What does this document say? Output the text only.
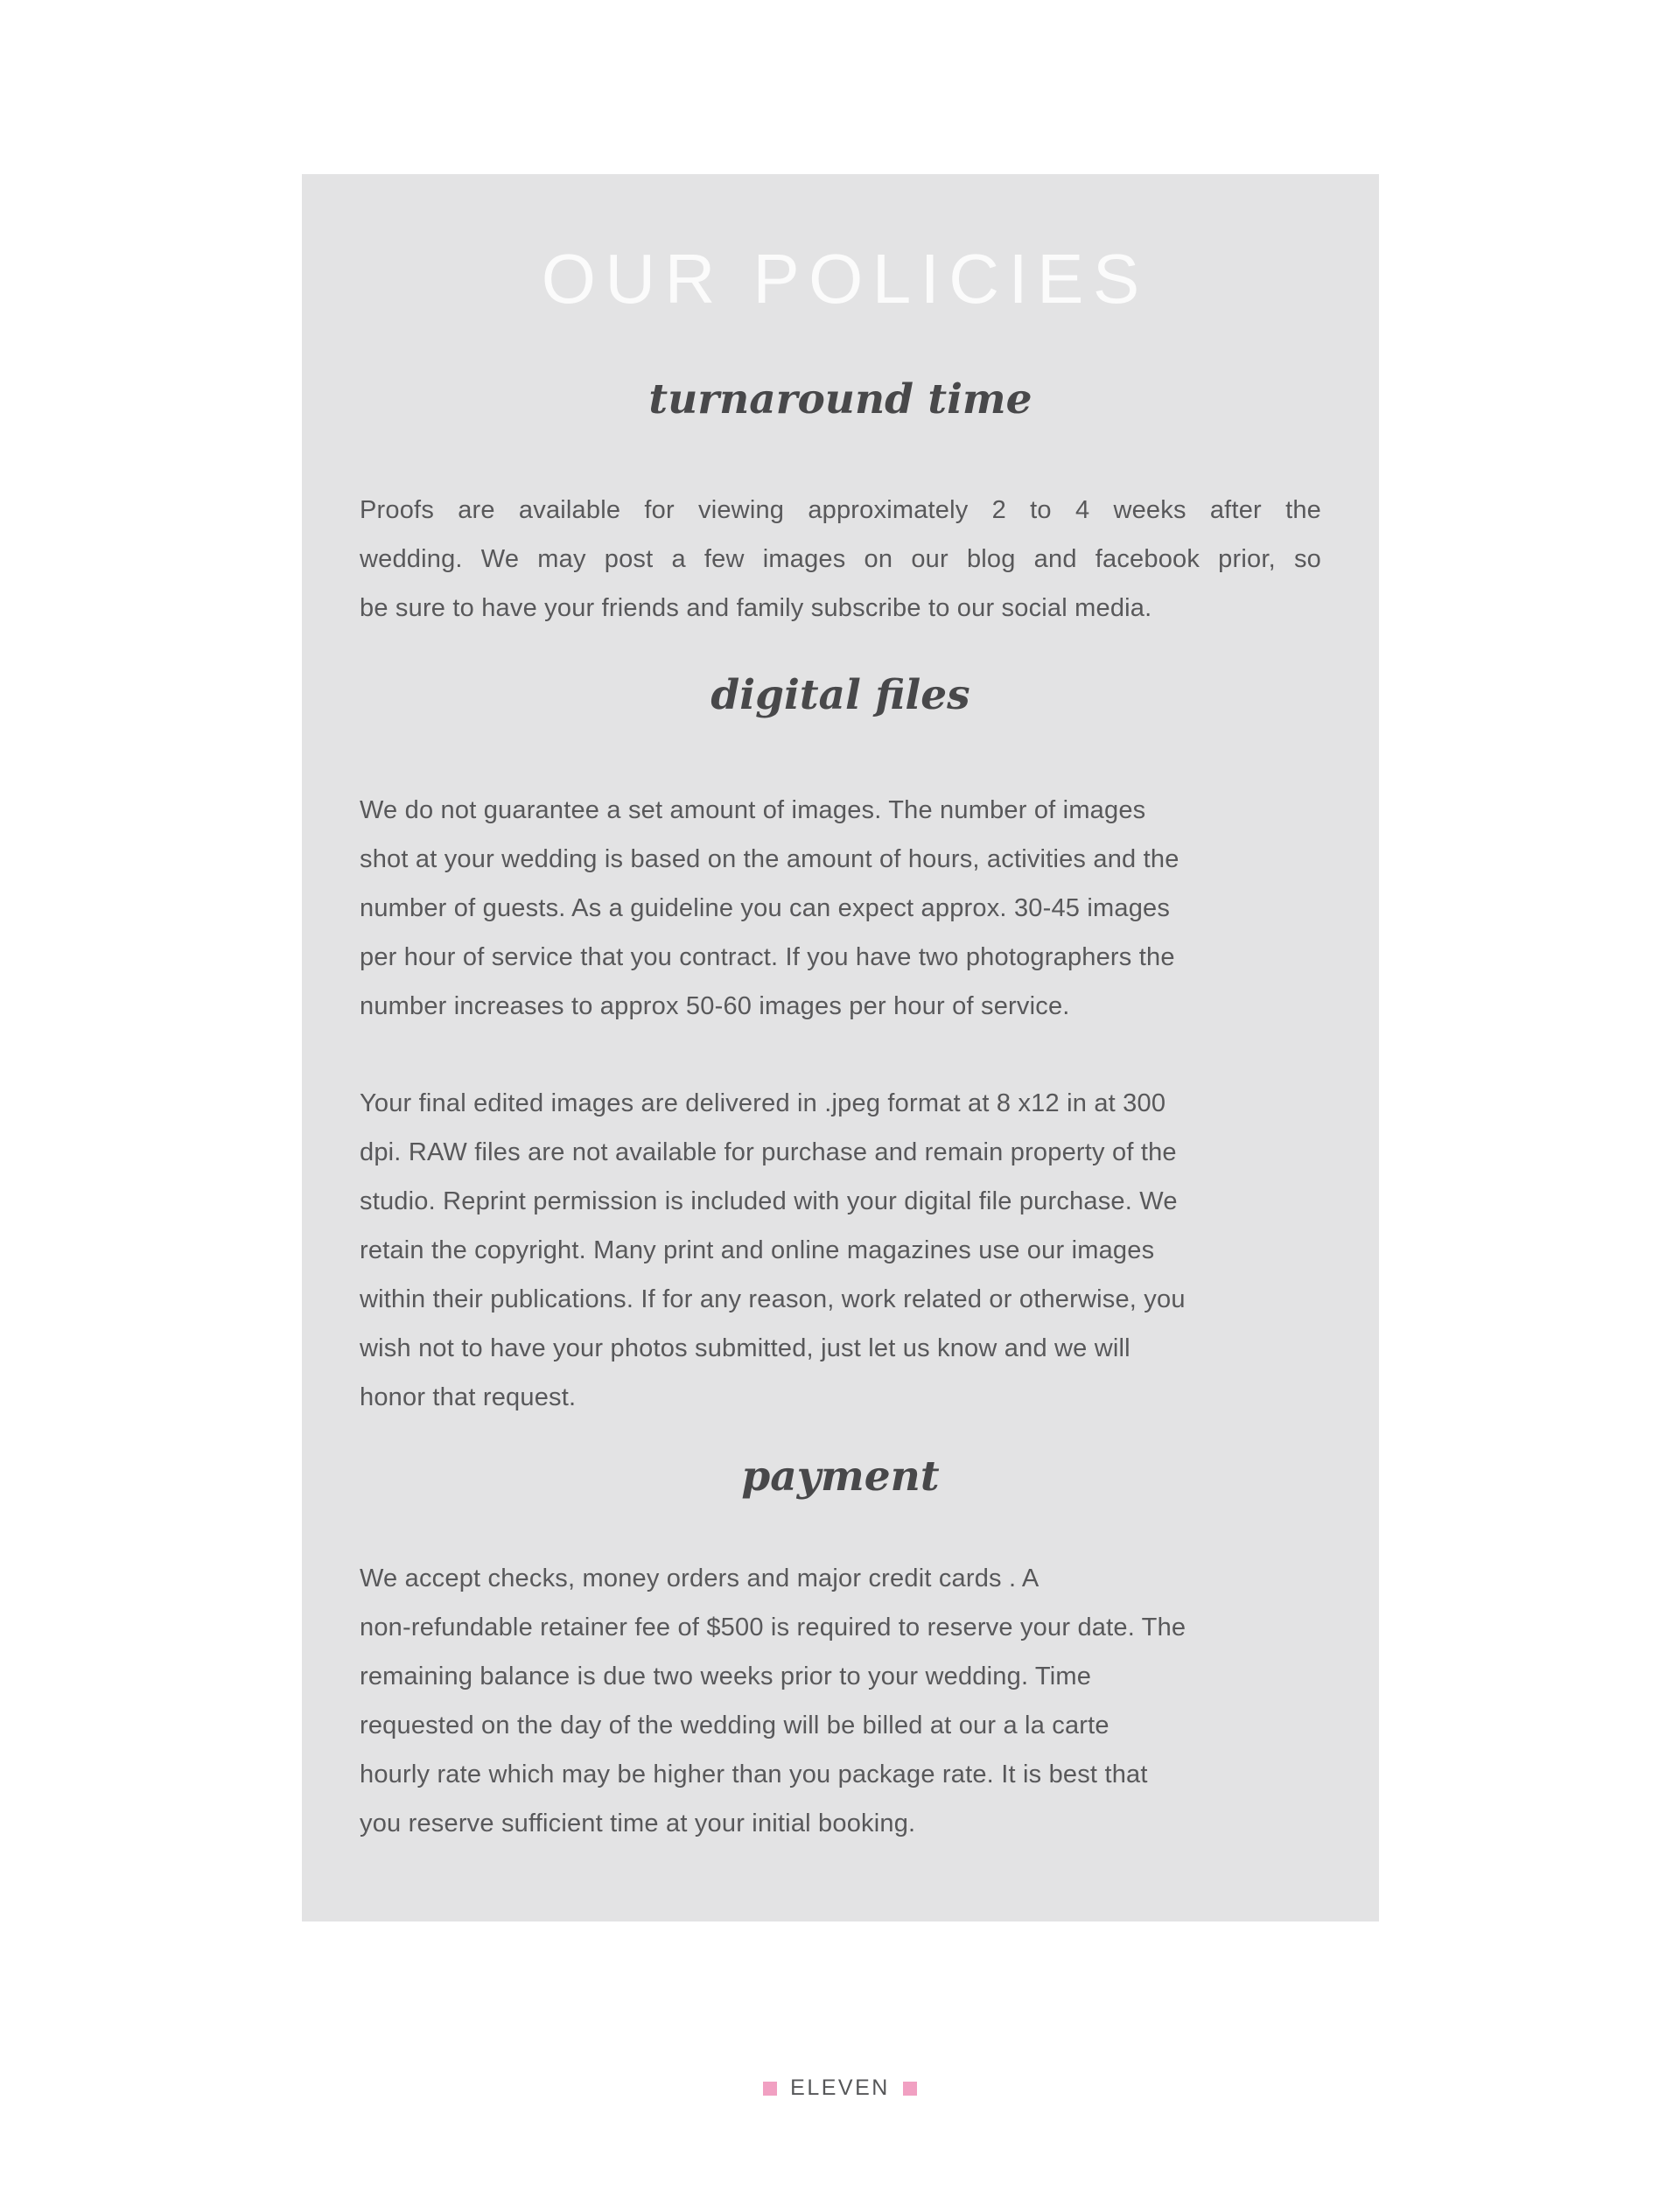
OUR POLICIES
turnaround time
Proofs are available for viewing approximately 2 to 4 weeks after the
wedding. We may post a few images on our blog and facebook prior, so
be sure to have your friends and family subscribe to our social media.
digital files
We do not guarantee a set amount of images. The number of images
shot at your wedding is based on the amount of hours, activities and the
number of guests. As a guideline you can expect approx. 30-45 images
per hour of service that you contract. If you have two photographers the
number increases to approx 50-60 images per hour of service.
Your final edited images are delivered in .jpeg format at 8 x12 in at 300
dpi. RAW files are not available for purchase and remain property of the
studio. Reprint permission is included with your digital file purchase. We
retain the copyright. Many print and online magazines use our images
within their publications. If for any reason, work related or otherwise, you
wish not to have your photos submitted, just let us know and we will
honor that request.
payment
We accept checks, money orders and major credit cards . A
non-refundable retainer fee of $500 is required to reserve your date. The
remaining balance is due two weeks prior to your wedding. Time
requested on the day of the wedding will be billed at our a la carte
hourly rate which may be higher than you package rate. It is best that
you reserve sufficient time at your initial booking.
ELEVEN
